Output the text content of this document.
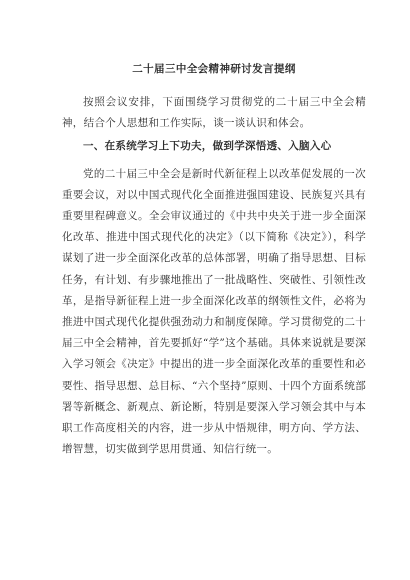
二十届三中全会精神研讨发言提纲

按照会议安排，下面围绕学习贯彻党的二十届三中全会精神，结合个人思想和工作实际，谈一谈认识和体会。

一、在系统学习上下功夫，做到学深悟透、入脑入心

党的二十届三中全会是新时代新征程上以改革促发展的一次重要会议，对以中国式现代化全面推进强国建设、民族复兴具有重要里程碑意义。全会审议通过的《中共中央关于进一步全面深化改革、推进中国式现代化的决定》（以下简称《决定》），科学谋划了进一步全面深化改革的总体部署，明确了指导思想、目标任务，有计划、有步骤地推出了一批战略性、突破性、引领性改革，是指导新征程上进一步全面深化改革的纲领性文件，必将为推进中国式现代化提供强劲动力和制度保障。学习贯彻党的二十届三中全会精神，首先要抓好“学”这个基础。具体来说就是要深入学习领会《决定》中提出的进一步全面深化改革的重要性和必要性、指导思想、总目标、“六个坚持”原则、十四个方面系统部署等新概念、新观点、新论断，特别是要深入学习领会其中与本职工作高度相关的内容，进一步从中悟规律，明方向、学方法、增智慧，切实做到学思用贯通、知信行统一。
